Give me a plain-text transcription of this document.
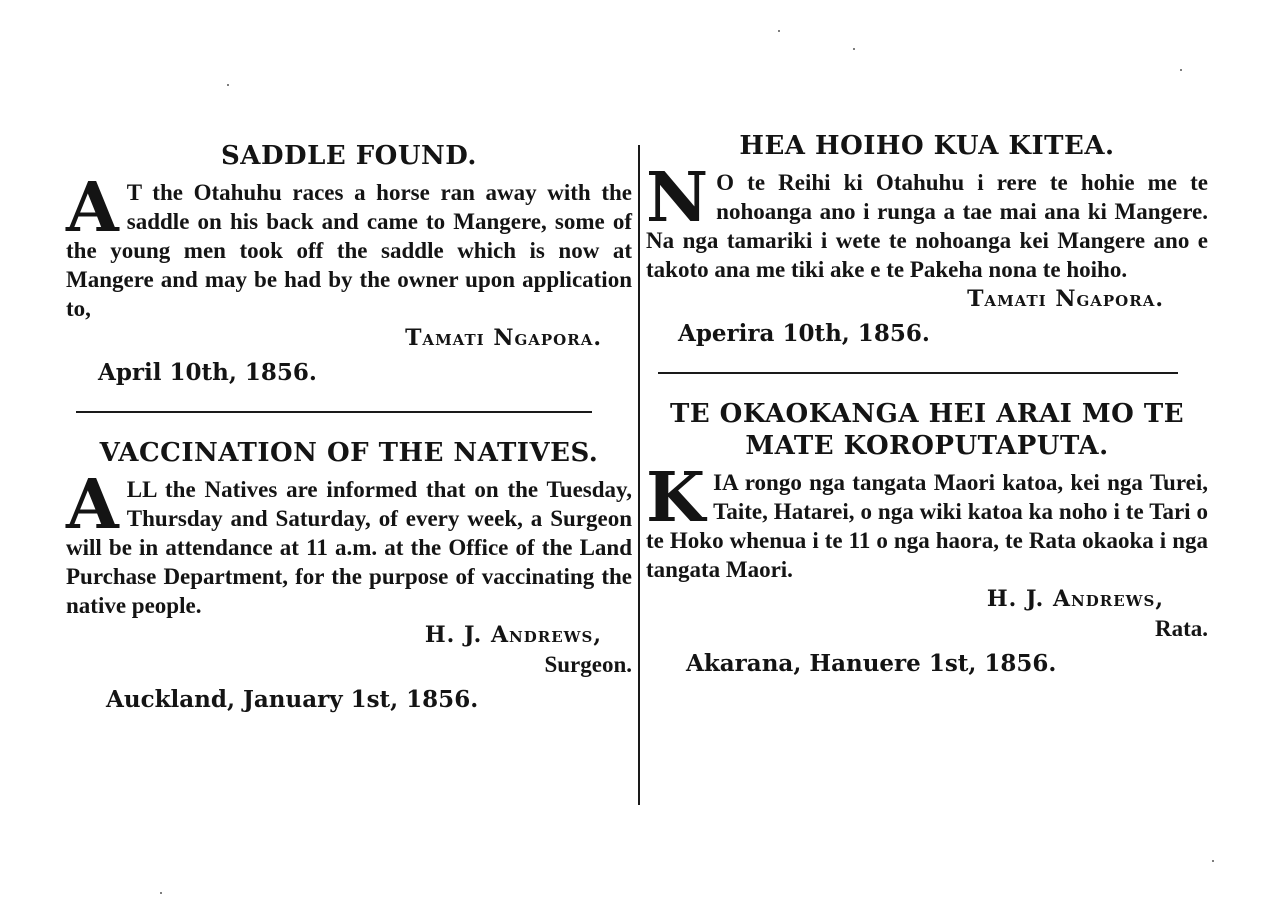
SADDLE FOUND.

A T the Otahuhu races a horse ran away with the saddle on his back and came to Mangere, some of the young men took off the saddle which is now at Mangere and may be had by the owner upon application to,

Tamati Ngapora.

April 10th, 1856.

VACCINATION OF THE NATIVES.

ALL the Natives are informed that on the Tuesday, Thursday and Saturday, of every week, a Surgeon will be in attendance at 11 a.m. at the Office of the Land Purchase Department, for the purpose of vaccinating the native people.

H. J. Andrews,

Surgeon.

Auckland, January 1st, 1856.

HEA HOIHO KUA KITEA.

N O te Reihi ki Otahuhu i rere te hohie me te nohoanga ano i runga a tae mai ana ki Mangere. Na nga tamariki i wete te nohoanga kei Mangere ano e takoto ana me tiki ake e te Pakeha nona te hoiho.

Tamati Ngapora.

Aperira 10th, 1856.

TE OKAOKANGA HEI ARAI MO TE MATE KOROPUTAPUTA.

KIA rongo nga tangata Maori katoa, kei nga Turei, Taite, Hatarei, o nga wiki katoa ka noho i te Tari o te Hoko whenua i te 11 o nga haora, te Rata okaoka i nga tangata Maori.

H. J. Andrews,

Rata.

Akarana, Hanuere 1st, 1856.
